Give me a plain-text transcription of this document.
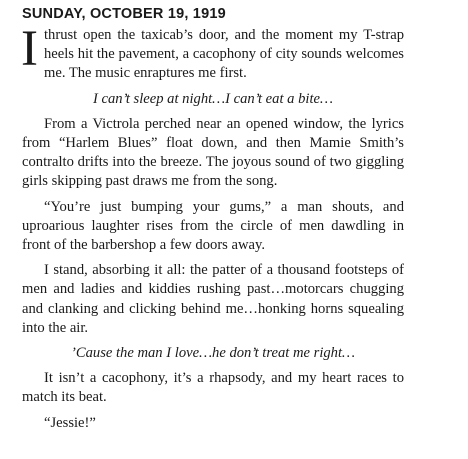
SUNDAY, OCTOBER 19, 1919

I thrust open the taxicab’s door, and the moment my T-strap heels hit the pavement, a cacophony of city sounds welcomes me. The music enraptures me first.

I can’t sleep at night…I can’t eat a bite…

From a Victrola perched near an opened window, the lyrics from “Harlem Blues” float down, and then Mamie Smith’s contralto drifts into the breeze. The joyous sound of two giggling girls skipping past draws me from the song.

“You’re just bumping your gums,” a man shouts, and uproarious laughter rises from the circle of men dawdling in front of the barbershop a few doors away.

I stand, absorbing it all: the patter of a thousand footsteps of men and ladies and kiddies rushing past…motorcars chugging and clanking and clicking behind me…honking horns squealing into the air.

’Cause the man I love…he don’t treat me right…

It isn’t a cacophony, it’s a rhapsody, and my heart races to match its beat.

“Jessie!”
